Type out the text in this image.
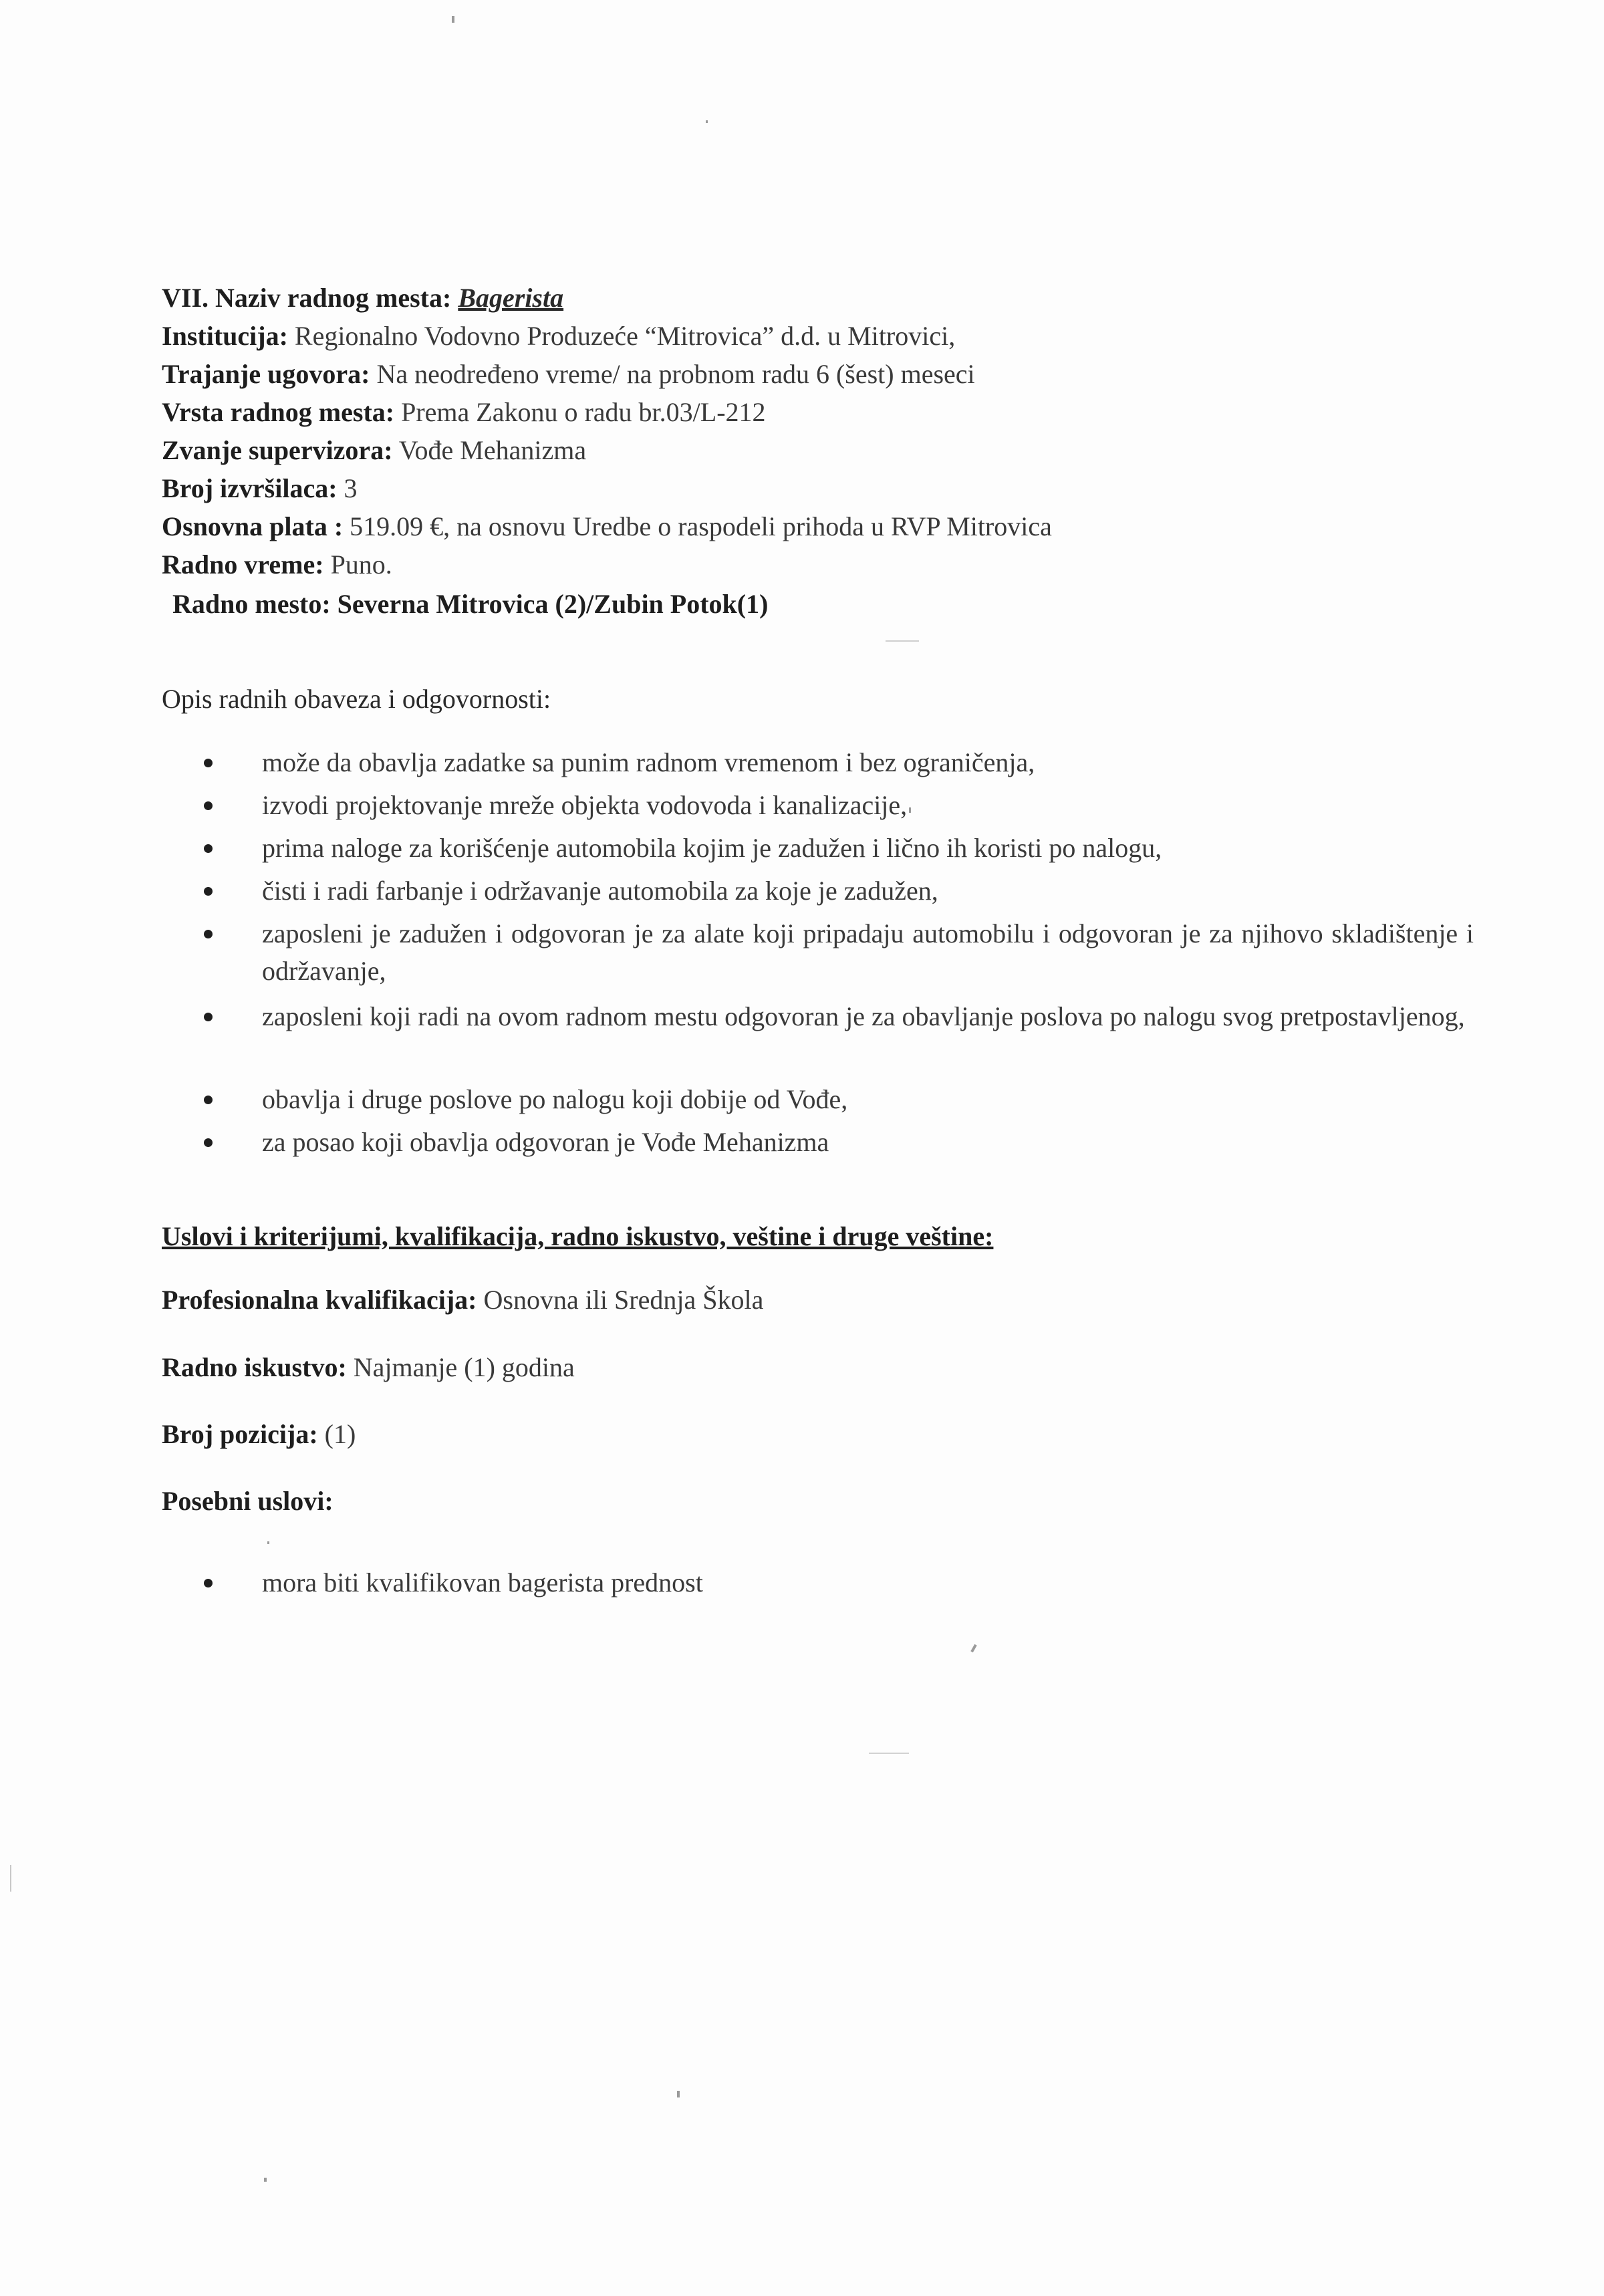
VII. Naziv radnog mesta: Bagerista
Institucija: Regionalno Vodovno Produzeće “Mitrovica” d.d. u Mitrovici,
Trajanje ugovora: Na neodređeno vreme/ na probnom radu 6 (šest) meseci
Vrsta radnog mesta: Prema Zakonu o radu br.03/L-212
Zvanje supervizora: Vođe Mehanizma
Broj izvršilaca: 3
Osnovna plata : 519.09 €, na osnovu Uredbe o raspodeli prihoda u RVP Mitrovica
Radno vreme: Puno.
Radno mesto: Severna Mitrovica (2)/Zubin Potok(1)
Opis radnih obaveza i odgovornosti:
može da obavlja zadatke sa punim radnom vremenom i bez ograničenja,
izvodi projektovanje mreže objekta vodovoda i kanalizacije,
prima naloge za korišćenje automobila kojim je zadužen i lično ih koristi po nalogu,
čisti i radi farbanje i održavanje automobila za koje je zadužen,
zaposleni je zadužen i odgovoran je za alate koji pripadaju automobilu i odgovoran je za njihovo skladištenje i održavanje,
zaposleni koji radi na ovom radnom mestu odgovoran je za obavljanje poslova po nalogu svog pretpostavljenog,
obavlja i druge poslove po nalogu koji dobije od Vođe,
za posao koji obavlja odgovoran je Vođe Mehanizma
Uslovi i kriterijumi, kvalifikacija, radno iskustvo, veštine i druge veštine:
Profesionalna kvalifikacija: Osnovna ili Srednja Škola
Radno iskustvo: Najmanje (1) godina
Broj pozicija: (1)
Posebni uslovi:
mora biti kvalifikovan bagerista prednost
